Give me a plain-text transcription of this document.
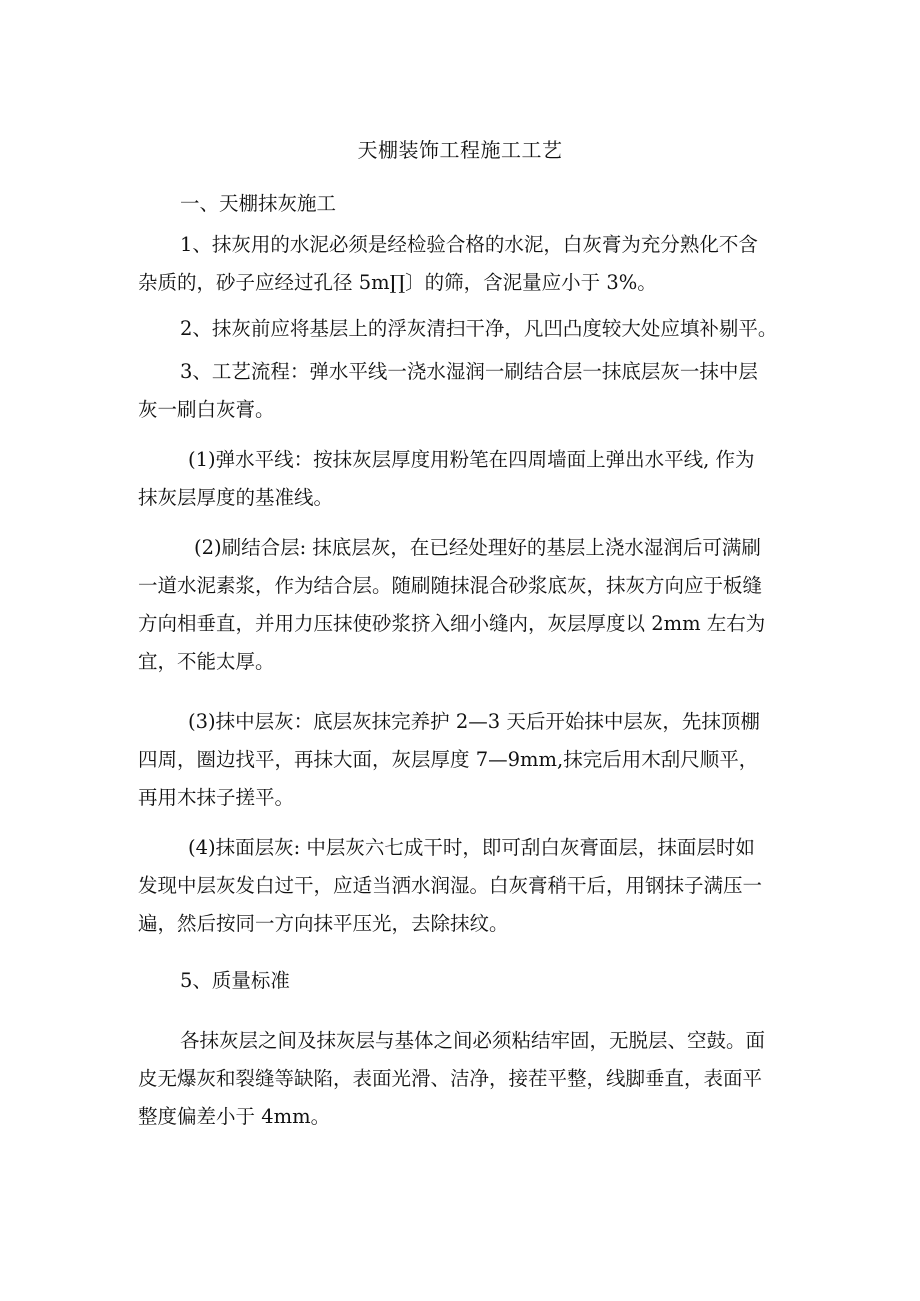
天棚装饰工程施工工艺

一、天棚抹灰施工

1、抹灰用的水泥必须是经检验合格的水泥，白灰膏为充分熟化不含
杂质的，砂子应经过孔径 5m∏〕的筛，含泥量应小于 3%。

2、抹灰前应将基层上的浮灰清扫干净，凡凹凸度较大处应填补剔平。

3、工艺流程：弹水平线一浇水湿润一刷结合层一抹底层灰一抹中层
灰一刷白灰膏。

(1)弹水平线：按抹灰层厚度用粉笔在四周墙面上弹出水平线, 作为
抹灰层厚度的基准线。

(2)刷结合层: 抹底层灰，在已经处理好的基层上浇水湿润后可满刷
一道水泥素浆，作为结合层。随刷随抹混合砂浆底灰，抹灰方向应于板缝
方向相垂直，并用力压抹使砂浆挤入细小缝内，灰层厚度以 2mm 左右为
宜，不能太厚。

(3)抹中层灰：底层灰抹完养护 2—3 天后开始抹中层灰，先抹顶棚
四周，圈边找平，再抹大面，灰层厚度 7—9mm,抹完后用木刮尺顺平，
再用木抹子搓平。

(4)抹面层灰: 中层灰六七成干时，即可刮白灰膏面层，抹面层时如
发现中层灰发白过干，应适当洒水润湿。白灰膏稍干后，用钢抹子满压一
遍，然后按同一方向抹平压光，去除抹纹。

5、质量标准

各抹灰层之间及抹灰层与基体之间必须粘结牢固，无脱层、空鼓。面
皮无爆灰和裂缝等缺陷，表面光滑、洁净，接茬平整，线脚垂直，表面平
整度偏差小于 4mm。
